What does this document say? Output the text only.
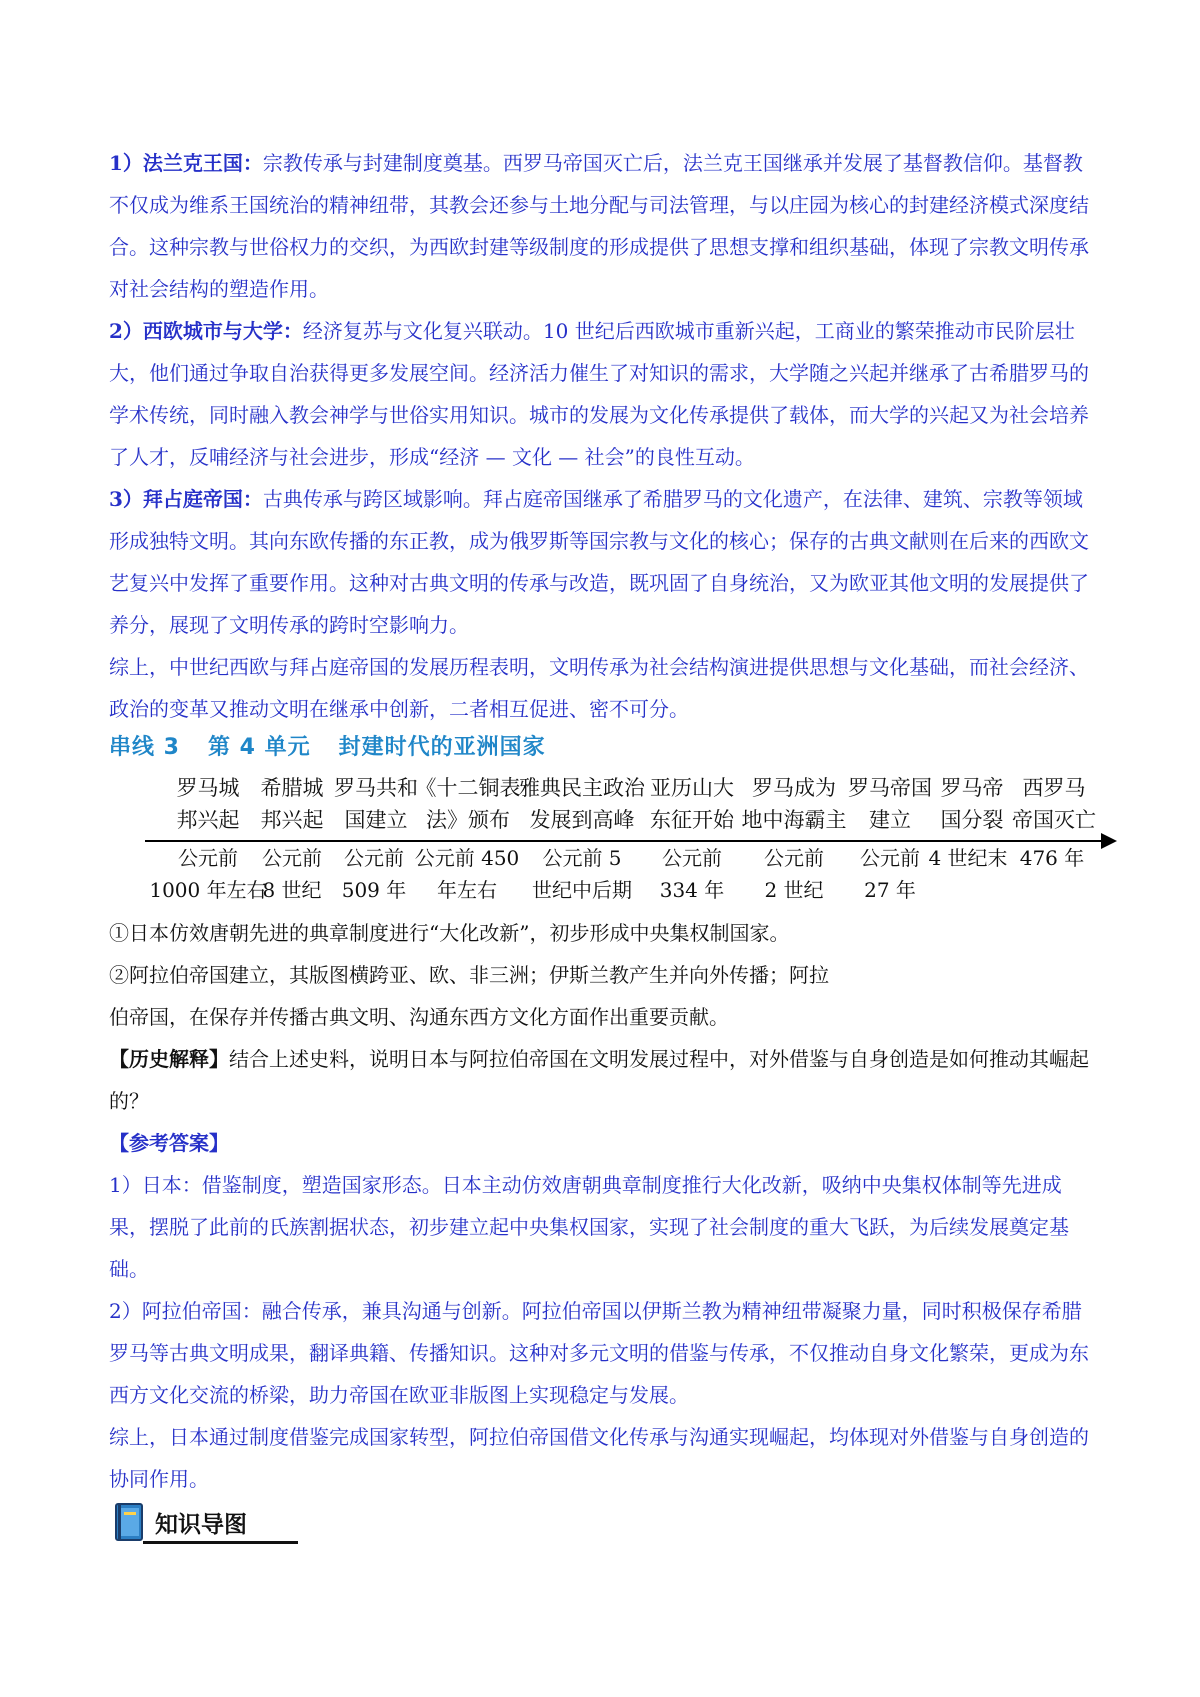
1）法兰克王国：宗教传承与封建制度奠基。西罗马帝国灭亡后，法兰克王国继承并发展了基督教信仰。基督教不仅成为维系王国统治的精神纽带，其教会还参与土地分配与司法管理，与以庄园为核心的封建经济模式深度结合。这种宗教与世俗权力的交织，为西欧封建等级制度的形成提供了思想支撑和组织基础，体现了宗教文明传承对社会结构的塑造作用。

2）西欧城市与大学：经济复苏与文化复兴联动。10 世纪后西欧城市重新兴起，工商业的繁荣推动市民阶层壮大，他们通过争取自治获得更多发展空间。经济活力催生了对知识的需求，大学随之兴起并继承了古希腊罗马的学术传统，同时融入教会神学与世俗实用知识。城市的发展为文化传承提供了载体，而大学的兴起又为社会培养了人才，反哺经济与社会进步，形成“经济 — 文化 — 社会”的良性互动。

3）拜占庭帝国：古典传承与跨区域影响。拜占庭帝国继承了希腊罗马的文化遗产，在法律、建筑、宗教等领域形成独特文明。其向东欧传播的东正教，成为俄罗斯等国宗教与文化的核心；保存的古典文献则在后来的西欧文艺复兴中发挥了重要作用。这种对古典文明的传承与改造，既巩固了自身统治，又为欧亚其他文明的发展提供了养分，展现了文明传承的跨时空影响力。

综上，中世纪西欧与拜占庭帝国的发展历程表明，文明传承为社会结构演进提供思想与文化基础，而社会经济、政治的变革又推动文明在继承中创新，二者相互促进、密不可分。

串线 3 第 4 单元 封建时代的亚洲国家
罗马城
邦兴起
希腊城
邦兴起
罗马共和
国建立
《十二铜表
法》颁布
雅典民主政治
发展到高峰
亚历山大
东征开始
罗马成为
地中海霸主
罗马帝国
建立
罗马帝
国分裂
西罗马
帝国灭亡
公元前
1000 年左右
公元前
8 世纪
公元前
509 年
公元前 450
年左右
公元前 5
世纪中后期
公元前
334 年
公元前
2 世纪
公元前
27 年
4 世纪末 476 年

①日本仿效唐朝先进的典章制度进行“大化改新”，初步形成中央集权制国家。

②阿拉伯帝国建立，其版图横跨亚、欧、非三洲；伊斯兰教产生并向外传播；阿拉

伯帝国，在保存并传播古典文明、沟通东西方文化方面作出重要贡献。

【历史解释】结合上述史料，说明日本与阿拉伯帝国在文明发展过程中，对外借鉴与自身创造是如何推动其崛起的？

【参考答案】

1）日本：借鉴制度，塑造国家形态。日本主动仿效唐朝典章制度推行大化改新，吸纳中央集权体制等先进成果，摆脱了此前的氏族割据状态，初步建立起中央集权国家，实现了社会制度的重大飞跃，为后续发展奠定基础。

2）阿拉伯帝国：融合传承，兼具沟通与创新。阿拉伯帝国以伊斯兰教为精神纽带凝聚力量，同时积极保存希腊罗马等古典文明成果，翻译典籍、传播知识。这种对多元文明的借鉴与传承，不仅推动自身文化繁荣，更成为东西方文化交流的桥梁，助力帝国在欧亚非版图上实现稳定与发展。

综上，日本通过制度借鉴完成国家转型，阿拉伯帝国借文化传承与沟通实现崛起，均体现对外借鉴与自身创造的协同作用。

知识导图
